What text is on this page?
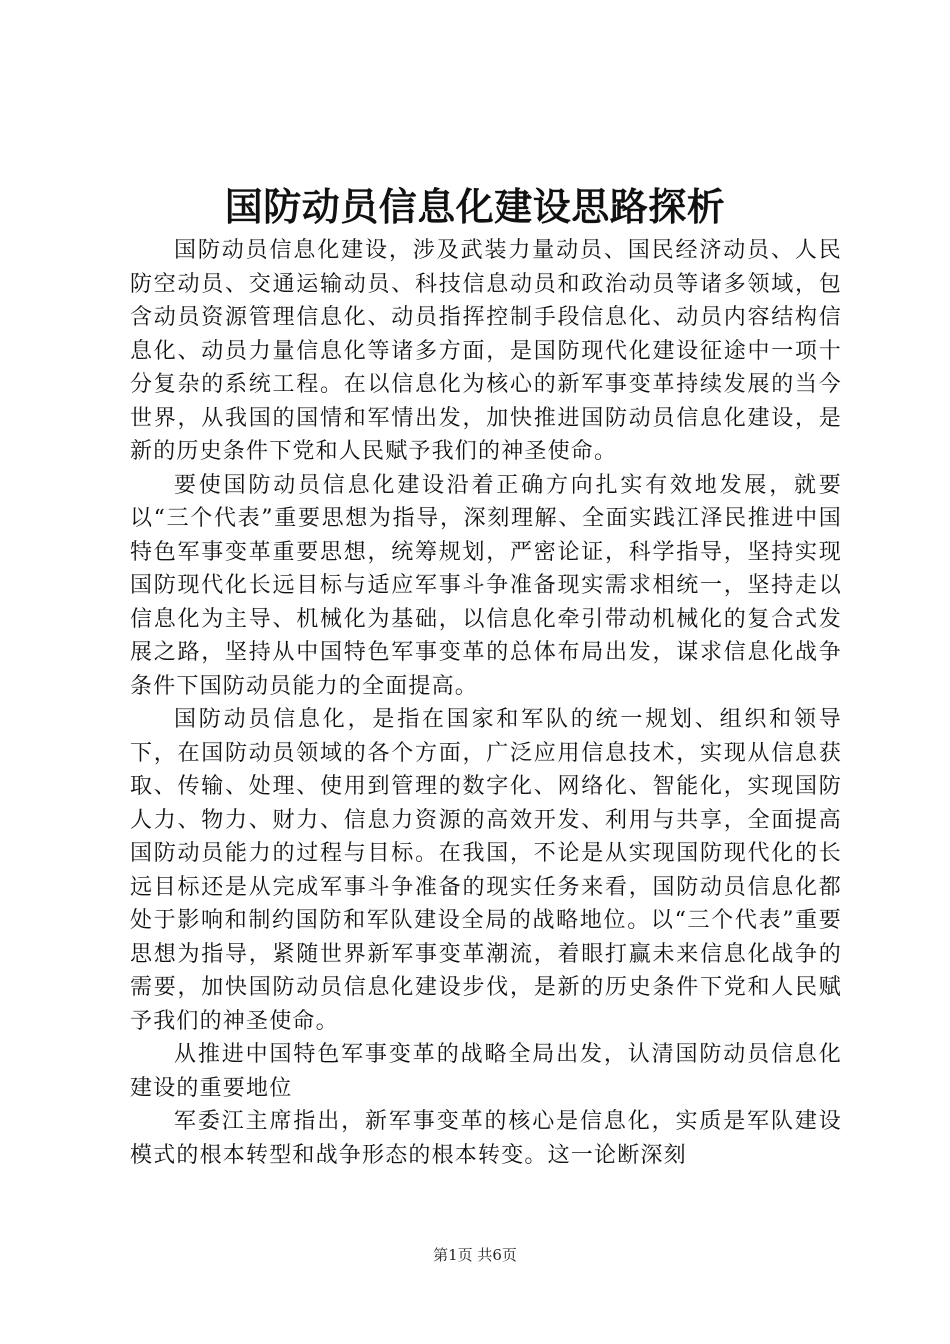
国防动员信息化建设思路探析

国防动员信息化建设，涉及武装力量动员、国民经济动员、人民防空动员、交通运输动员、科技信息动员和政治动员等诸多领域，包含动员资源管理信息化、动员指挥控制手段信息化、动员内容结构信息化、动员力量信息化等诸多方面，是国防现代化建设征途中一项十分复杂的系统工程。在以信息化为核心的新军事变革持续发展的当今世界，从我国的国情和军情出发，加快推进国防动员信息化建设，是新的历史条件下党和人民赋予我们的神圣使命。

要使国防动员信息化建设沿着正确方向扎实有效地发展，就要以“三个代表”重要思想为指导，深刻理解、全面实践江泽民推进中国特色军事变革重要思想，统筹规划，严密论证，科学指导，坚持实现国防现代化长远目标与适应军事斗争准备现实需求相统一，坚持走以信息化为主导、机械化为基础，以信息化牵引带动机械化的复合式发展之路，坚持从中国特色军事变革的总体布局出发，谋求信息化战争条件下国防动员能力的全面提高。

国防动员信息化，是指在国家和军队的统一规划、组织和领导下，在国防动员领域的各个方面，广泛应用信息技术，实现从信息获取、传输、处理、使用到管理的数字化、网络化、智能化，实现国防人力、物力、财力、信息力资源的高效开发、利用与共享，全面提高国防动员能力的过程与目标。在我国，不论是从实现国防现代化的长远目标还是从完成军事斗争准备的现实任务来看，国防动员信息化都处于影响和制约国防和军队建设全局的战略地位。以“三个代表”重要思想为指导，紧随世界新军事变革潮流，着眼打赢未来信息化战争的需要，加快国防动员信息化建设步伐，是新的历史条件下党和人民赋予我们的神圣使命。

从推进中国特色军事变革的战略全局出发，认清国防动员信息化建设的重要地位

军委江主席指出，新军事变革的核心是信息化，实质是军队建设模式的根本转型和战争形态的根本转变。这一论断深刻

第1页 共6页
